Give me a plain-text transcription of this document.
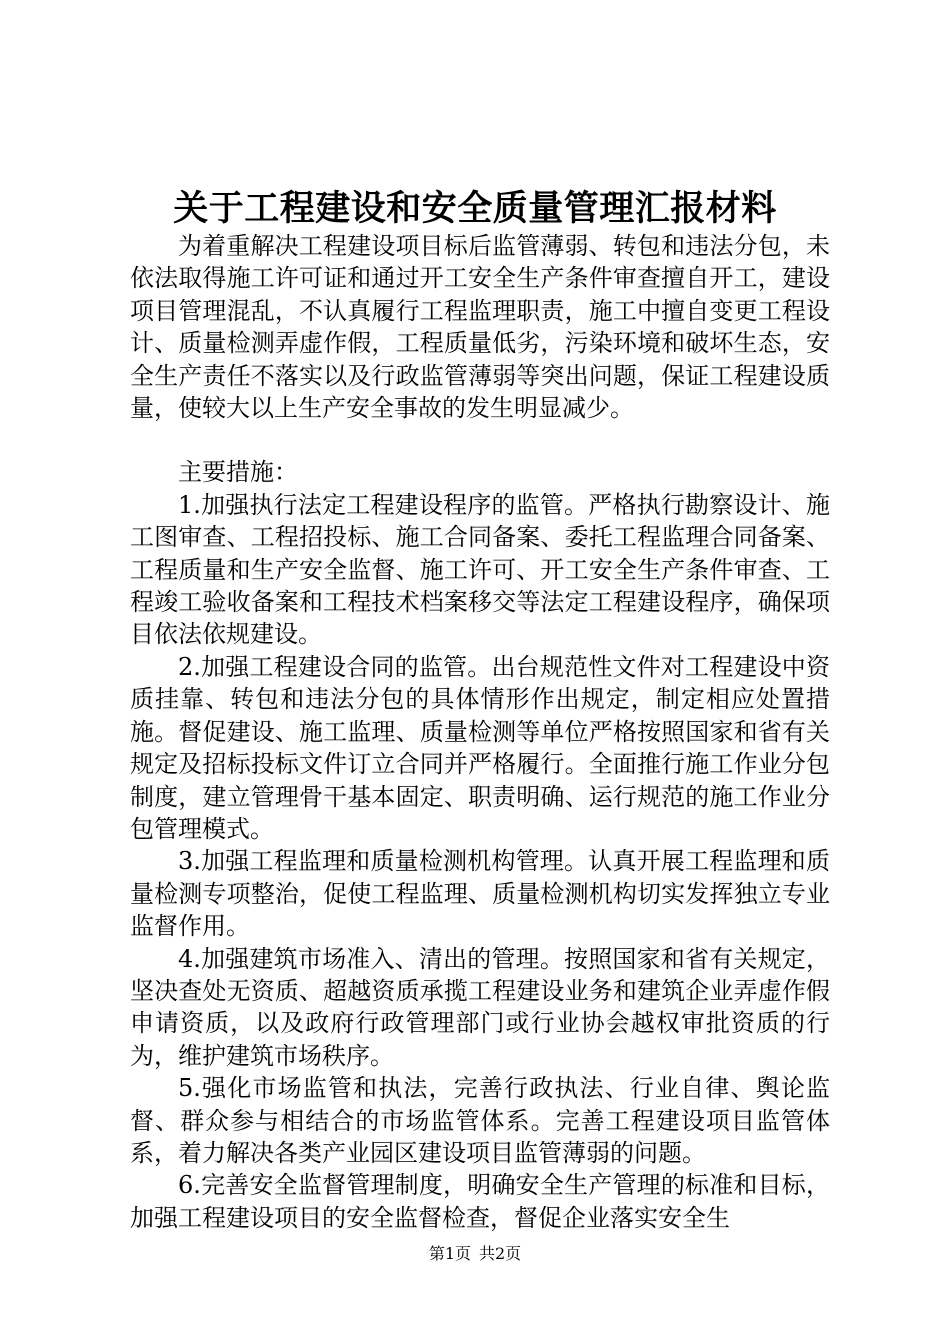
关于工程建设和安全质量管理汇报材料

为着重解决工程建设项目标后监管薄弱、转包和违法分包，未依法取得施工许可证和通过开工安全生产条件审查擅自开工，建设项目管理混乱，不认真履行工程监理职责，施工中擅自变更工程设计、质量检测弄虚作假，工程质量低劣，污染环境和破坏生态，安全生产责任不落实以及行政监管薄弱等突出问题，保证工程建设质量，使较大以上生产安全事故的发生明显减少。

主要措施：

1.加强执行法定工程建设程序的监管。严格执行勘察设计、施工图审查、工程招投标、施工合同备案、委托工程监理合同备案、工程质量和生产安全监督、施工许可、开工安全生产条件审查、工程竣工验收备案和工程技术档案移交等法定工程建设程序，确保项目依法依规建设。

2.加强工程建设合同的监管。出台规范性文件对工程建设中资质挂靠、转包和违法分包的具体情形作出规定，制定相应处置措施。督促建设、施工监理、质量检测等单位严格按照国家和省有关规定及招标投标文件订立合同并严格履行。全面推行施工作业分包制度，建立管理骨干基本固定、职责明确、运行规范的施工作业分包管理模式。

3.加强工程监理和质量检测机构管理。认真开展工程监理和质量检测专项整治，促使工程监理、质量检测机构切实发挥独立专业监督作用。

4.加强建筑市场准入、清出的管理。按照国家和省有关规定，坚决查处无资质、超越资质承揽工程建设业务和建筑企业弄虚作假申请资质，以及政府行政管理部门或行业协会越权审批资质的行为，维护建筑市场秩序。

5.强化市场监管和执法，完善行政执法、行业自律、舆论监督、群众参与相结合的市场监管体系。完善工程建设项目监管体系，着力解决各类产业园区建设项目监管薄弱的问题。

6.完善安全监督管理制度，明确安全生产管理的标准和目标，加强工程建设项目的安全监督检查，督促企业落实安全生

第1页 共2页
